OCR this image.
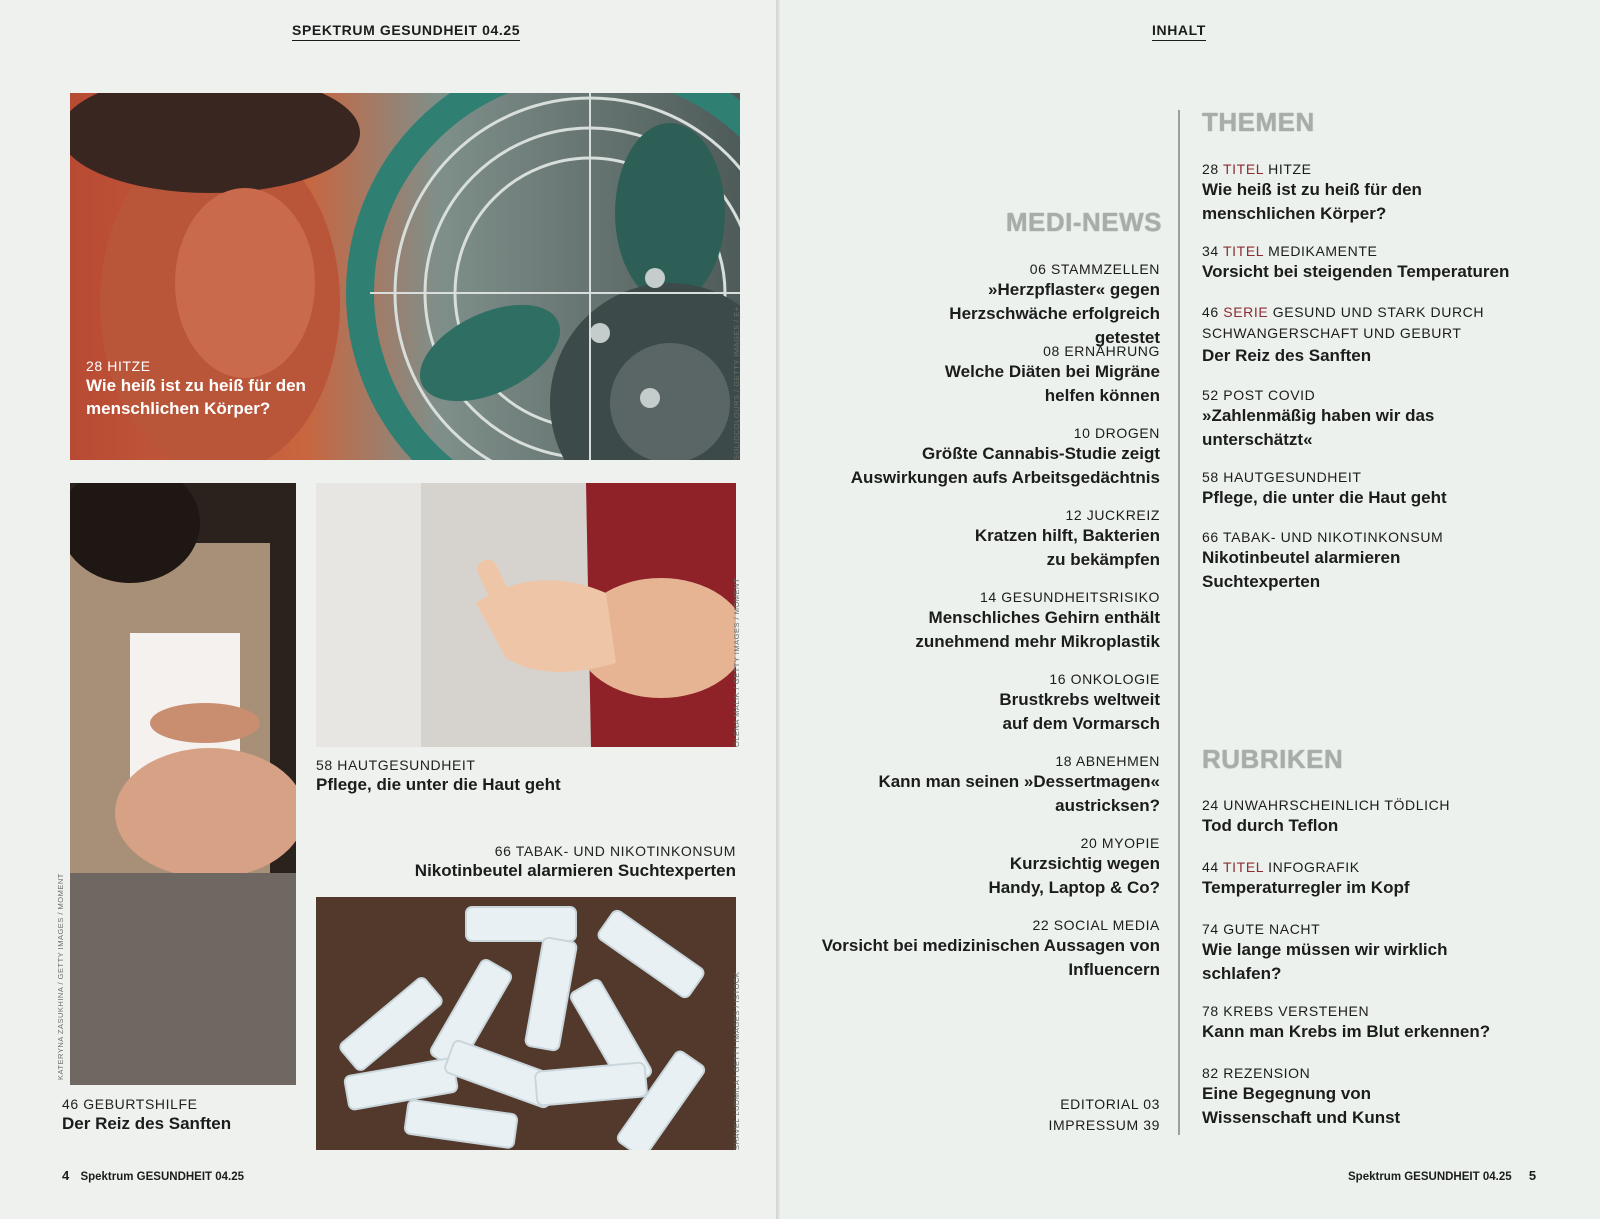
SPEKTRUM GESUNDHEIT 04.25
28 HITZE
Wie heiß ist zu heiß für den menschlichen Körper?	SOLIDCOLOURS / GETTY IMAGES / E+
KATERYNA ZASUKHINA / GETTY IMAGES / MOMENT
46 GEBURTSHILFE
Der Reiz des Sanften
OLENA MALIK / GETTY IMAGES / MOMENT
58 HAUTGESUNDHEIT
Pflege, die unter die Haut geht
66 TABAK- UND NIKOTINKONSUM
Nikotinbeutel alarmieren Suchtexperten
SHAVEL LUDMILA / GETTY IMAGES / ISTOCK
4 Spektrum GESUNDHEIT 04.25
INHALT
Spektrum GESUNDHEIT 04.25 5
MEDI-NEWS
06 STAMMZELLEN
»Herzpflaster« gegen Herzschwäche erfolgreich getestet
08 ERNÄHRUNG
Welche Diäten bei Migräne helfen können
10 DROGEN
Größte Cannabis-Studie zeigt Auswirkungen aufs Arbeitsgedächtnis
12 JUCKREIZ
Kratzen hilft, Bakterien zu bekämpfen
14 GESUNDHEITSRISIKO
Menschliches Gehirn enthält zunehmend mehr Mikroplastik
16 ONKOLOGIE
Brustkrebs weltweit auf dem Vormarsch
18 ABNEHMEN
Kann man seinen »Dessertmagen« austricksen?
20 MYOPIE
Kurzsichtig wegen Handy, Laptop & Co?
22 SOCIAL MEDIA
Vorsicht bei medizinischen Aussagen von Influencern
EDITORIAL 03
IMPRESSUM 39
THEMEN
28 TITEL HITZE
Wie heiß ist zu heiß für den menschlichen Körper?
34 TITEL MEDIKAMENTE
Vorsicht bei steigenden Temperaturen
46 SERIE GESUND UND STARK DURCH SCHWANGERSCHAFT UND GEBURT
Der Reiz des Sanften
52 POST COVID
»Zahlenmäßig haben wir das unterschätzt«
58 HAUTGESUNDHEIT
Pflege, die unter die Haut geht
66 TABAK- UND NIKOTINKONSUM
Nikotinbeutel alarmieren Suchtexperten
RUBRIKEN
24 UNWAHRSCHEINLICH TÖDLICH
Tod durch Teflon
44 TITEL INFOGRAFIK
Temperaturregler im Kopf
74 GUTE NACHT
Wie lange müssen wir wirklich schlafen?
78 KREBS VERSTEHEN
Kann man Krebs im Blut erkennen?
82 REZENSION
Eine Begegnung von Wissenschaft und Kunst
